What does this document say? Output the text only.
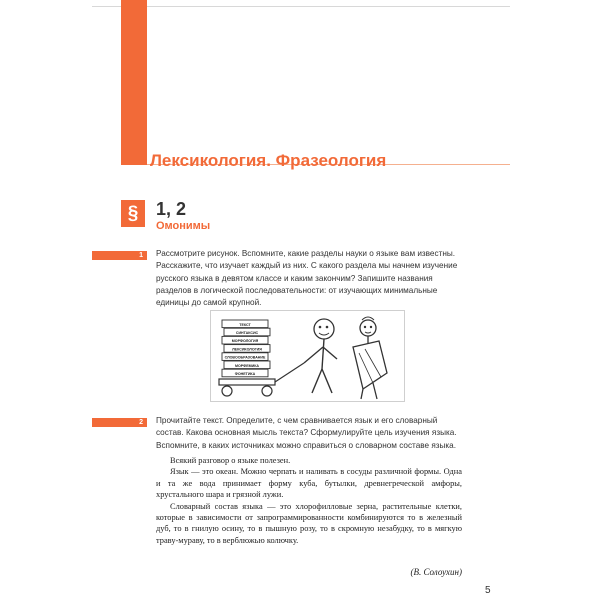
Лексикология. Фразеология
§ 1, 2
Омонимы
1	Рассмотрите рисунок. Вспомните, какие разделы науки о языке вам известны. Расскажите, что изучает каждый из них. С какого раздела мы начнем изучение русского языка в девятом классе и каким закончим? Запишите названия разделов в логической последовательности: от изучающих минимальные единицы до самой крупной.
ТЕКСТ
СИНТАКСИС
МОРФОЛОГИЯ
ЛЕКСИКОЛОГИЯ
СЛОВООБРАЗОВАНИЕ
МОРФЕМИКА
ФОНЕТИКА
2	Прочитайте текст. Определите, с чем сравнивается язык и его словарный состав. Какова основная мысль текста? Сформулируйте цель изучения языка. Вспомните, в каких источниках можно справиться о словарном составе языка.

Всякий разговор о языке полезен.

Язык — это океан. Можно черпать и наливать в сосуды различной формы. Одна и та же вода принимает форму куба, бутылки, древнегреческой амфоры, хрустального шара и грязной лужи.

Словарный состав языка — это хлорофилловые зерна, растительные клетки, которые в зависимости от запрограммированности комбинируются то в железный дуб, то в гнилую осину, то в пышную розу, то в скромную незабудку, то в мягкую траву-мураву, то в верблюжью колючку.

(В. Солоухин)
5
